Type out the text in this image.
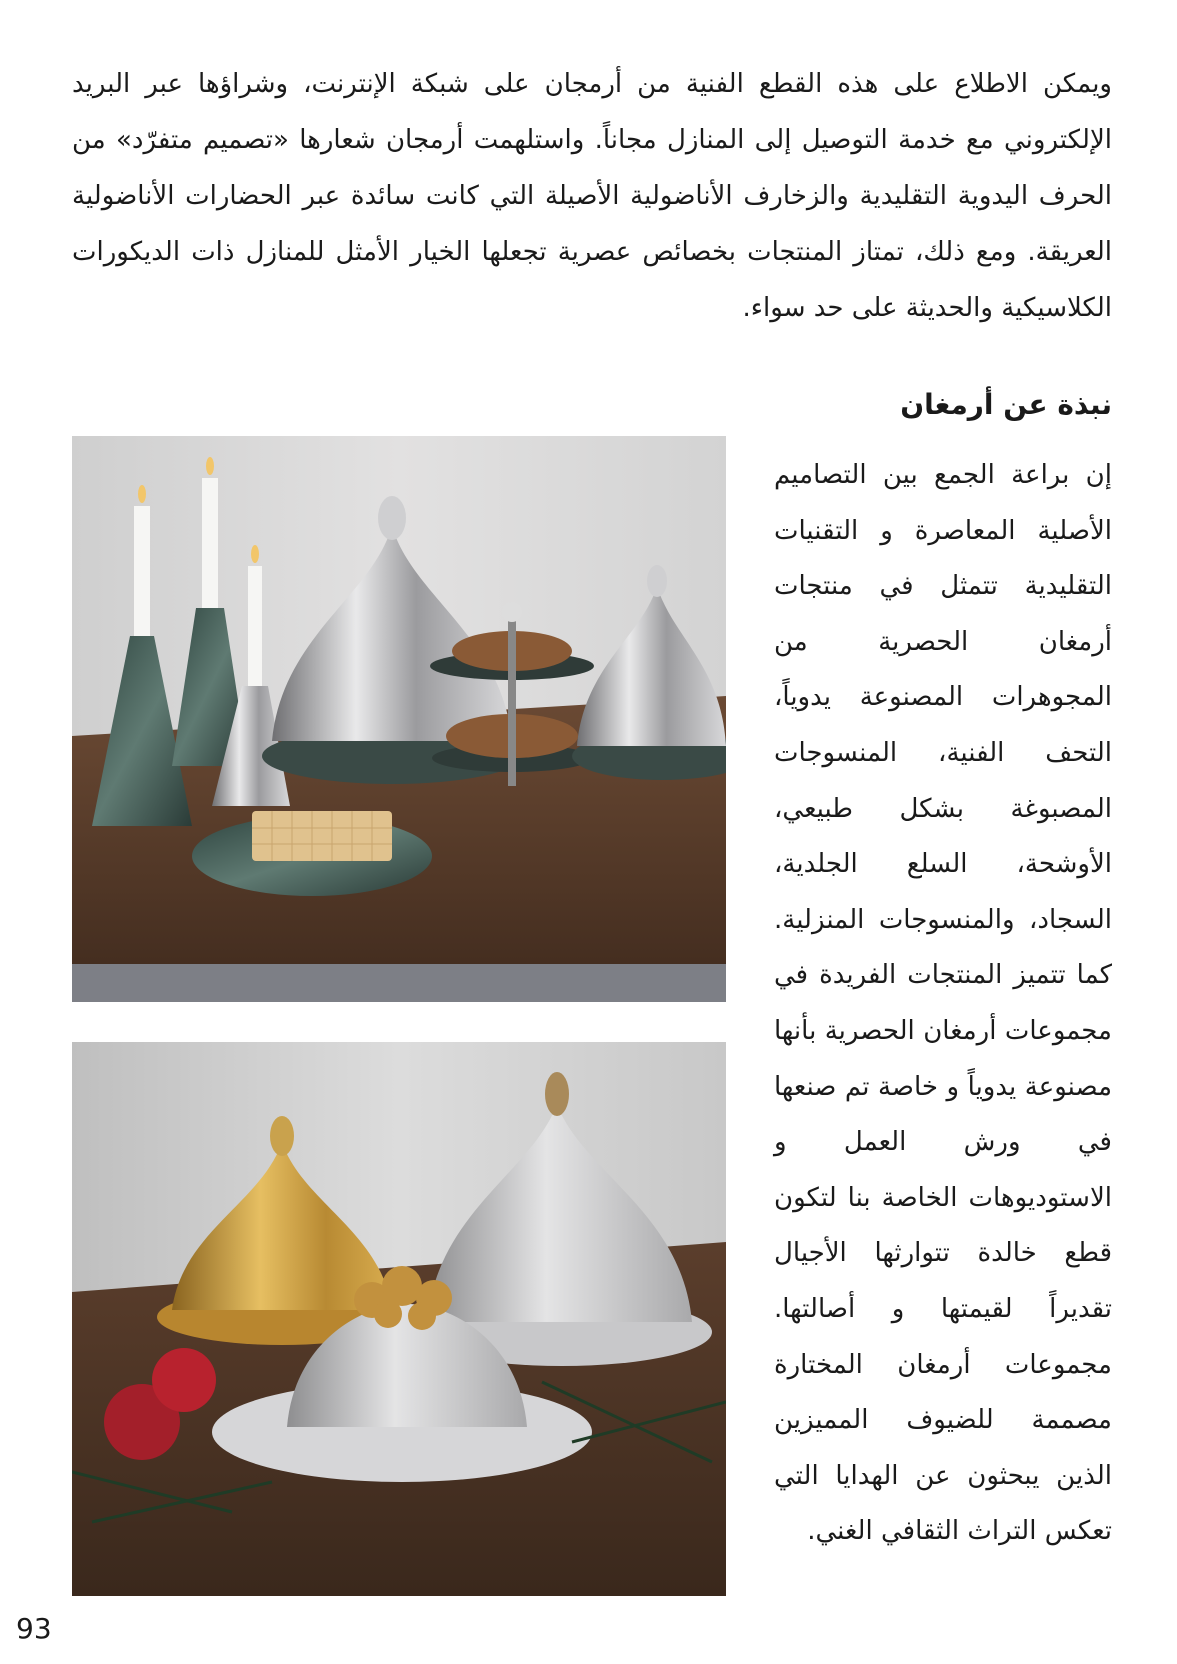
ويمكن الاطلاع على هذه القطع الفنية من أرمجان على شبكة الإنترنت، وشراؤها عبر البريد الإلكتروني مع خدمة التوصيل إلى المنازل مجاناً. واستلهمت أرمجان شعارها «تصميم متفرّد» من الحرف اليدوية التقليدية والزخارف الأناضولية الأصيلة التي كانت سائدة عبر الحضارات الأناضولية العريقة. ومع ذلك، تمتاز المنتجات بخصائص عصرية تجعلها الخيار الأمثل للمنازل ذات الديكورات الكلاسيكية والحديثة على حد سواء.

نبذة عن أرمغان

إن براعة الجمع بين التصاميم الأصلية المعاصرة و التقنيات التقليدية تتمثل في منتجات أرمغان الحصرية من المجوهرات المصنوعة يدوياً، التحف الفنية، المنسوجات المصبوغة بشكل طبيعي، الأوشحة، السلع الجلدية، السجاد، والمنسوجات المنزلية. كما تتميز المنتجات الفريدة في مجموعات أرمغان الحصرية بأنها مصنوعة يدوياً و خاصة تم صنعها في ورش العمل و الاستوديوهات الخاصة بنا لتكون قطع خالدة تتوارثها الأجيال تقديراً لقيمتها و أصالتها.

مجموعات أرمغان المختارة مصممة للضيوف المميزين الذين يبحثون عن الهدايا التي تعكس التراث الثقافي الغني.

93
